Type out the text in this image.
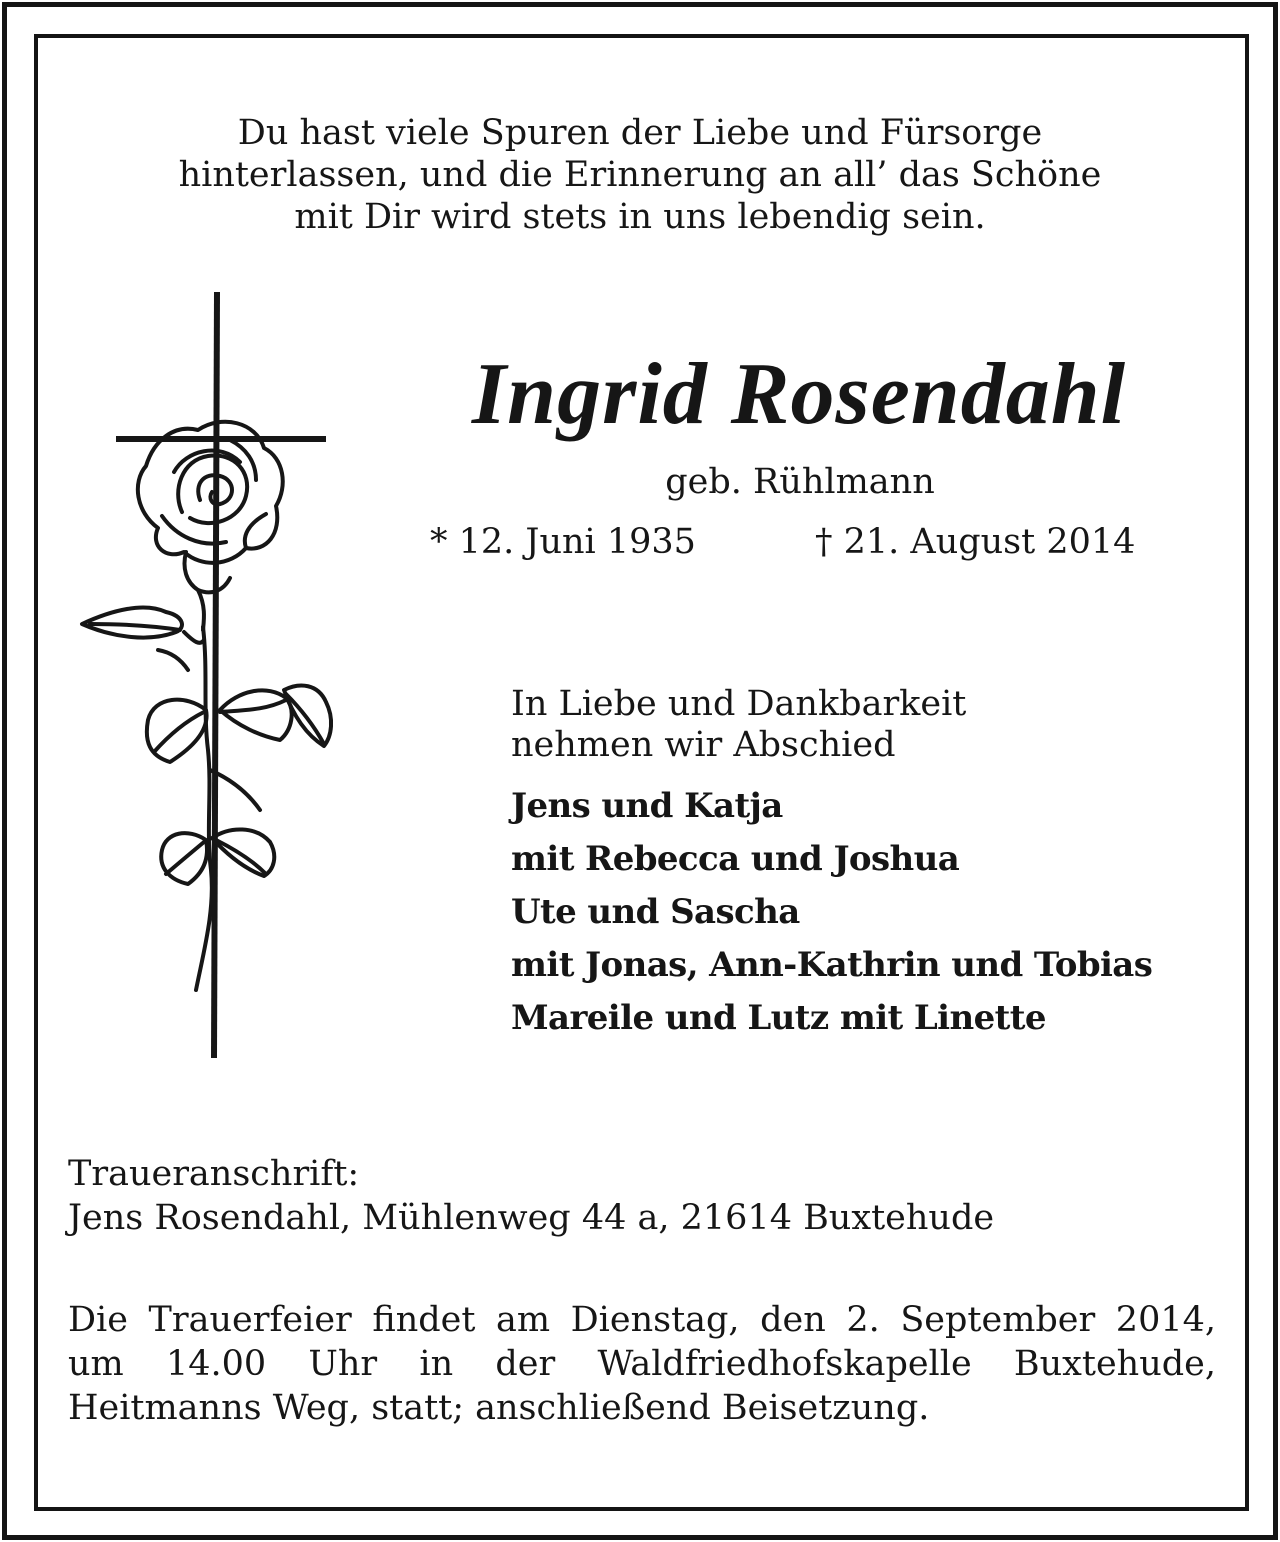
Du hast viele Spuren der Liebe und Fürsorge
hinterlassen, und die Erinnerung an all’ das Schöne
mit Dir wird stets in uns lebendig sein.
Ingrid Rosendahl
geb. Rühlmann
* 12. Juni 1935	† 21. August 2014
In Liebe und Dankbarkeit
nehmen wir Abschied
Jens und Katja
mit Rebecca und Joshua
Ute und Sascha
mit Jonas, Ann-Kathrin und Tobias
Mareile und Lutz mit Linette
Traueranschrift:
Jens Rosendahl, Mühlenweg 44 a, 21614 Buxtehude
Die Trauerfeier findet am Dienstag, den 2. September 2014,
um 14.00 Uhr in der Waldfriedhofskapelle Buxtehude,
Heitmanns Weg, statt; anschließend Beisetzung.
